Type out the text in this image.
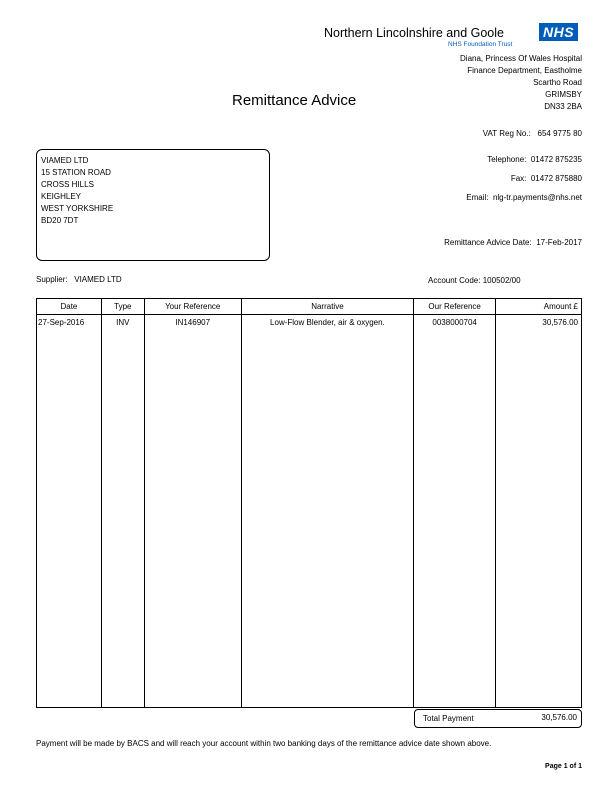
Northern Lincolnshire and Goole	NHS
NHS Foundation Trust
Diana, Princess Of Wales Hospital
Finance Department, Eastholme
Scartho Road
GRIMSBY
DN33 2BA
Remittance Advice
VAT Reg No.: 654 9775 80
Telephone: 01472 875235
Fax: 01472 875880
Email: nlg-tr.payments@nhs.net
VIAMED LTD
15 STATION ROAD
CROSS HILLS
KEIGHLEY
WEST YORKSHIRE
BD20 7DT
Remittance Advice Date: 17-Feb-2017
Supplier: VIAMED LTD	Account Code: 100502/00
Date	Type	Your Reference	Narrative	Our Reference	Amount £
27-Sep-2016	INV	IN146907	Low-Flow Blender, air & oxygen.	0038000704	30,576.00

Total Payment	30,576.00
Payment will be made by BACS and will reach your account within two banking days of the remittance advice date shown above.
Page 1 of 1
